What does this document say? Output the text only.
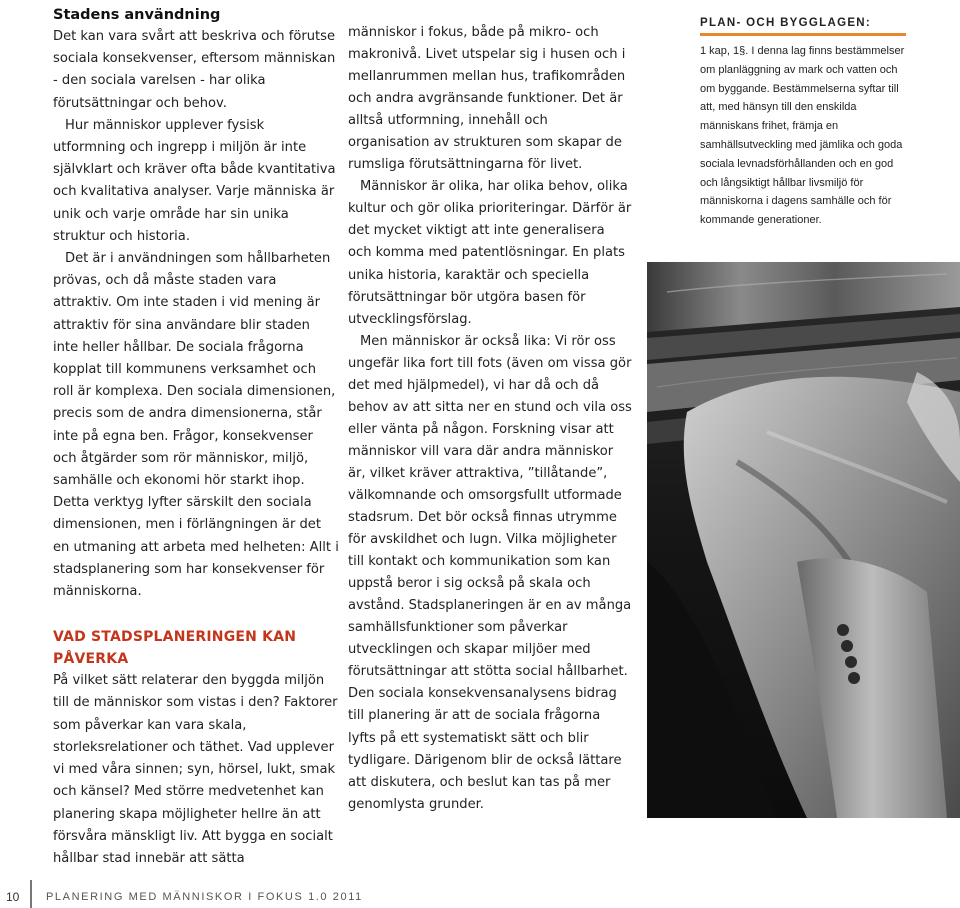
Stadens användning

Det kan vara svårt att beskriva och förutse sociala konsekvenser, eftersom människan - den sociala varelsen - har olika förutsättningar och behov.

Hur människor upplever fysisk utformning och ingrepp i miljön är inte självklart och kräver ofta både kvantitativa och kvalitativa analyser. Varje människa är unik och varje område har sin unika struktur och historia.

Det är i användningen som hållbarheten prövas, och då måste staden vara attraktiv. Om inte staden i vid mening är attraktiv för sina användare blir staden inte heller hållbar. De sociala frågorna kopplat till kommunens verksamhet och roll är komplexa. Den sociala dimensionen, precis som de andra dimensionerna, står inte på egna ben. Frågor, konsekvenser och åtgärder som rör människor, miljö, samhälle och ekonomi hör starkt ihop. Detta verktyg lyfter särskilt den sociala dimensionen, men i förlängningen är det en utmaning att arbeta med helheten: Allt i stadsplanering som har konsekvenser för människorna.

VAD STADSPLANERINGEN KAN PÅVERKA

På vilket sätt relaterar den byggda miljön till de människor som vistas i den? Faktorer som påverkar kan vara skala, storleksrelationer och täthet. Vad upplever vi med våra sinnen; syn, hörsel, lukt, smak och känsel? Med större medvetenhet kan planering skapa möjligheter hellre än att försvåra mänskligt liv. Att bygga en socialt hållbar stad innebär att sätta

människor i fokus, både på mikro- och makronivå. Livet utspelar sig i husen och i mellanrummen mellan hus, trafikområden och andra avgränsande funktioner. Det är alltså utformning, innehåll och organisation av strukturen som skapar de rumsliga förutsättningarna för livet.

Människor är olika, har olika behov, olika kultur och gör olika prioriteringar. Därför är det mycket viktigt att inte generalisera och komma med patentlösningar. En plats unika historia, karaktär och speciella förutsättningar bör utgöra basen för utvecklingsförslag.

Men människor är också lika: Vi rör oss ungefär lika fort till fots (även om vissa gör det med hjälpmedel), vi har då och då behov av att sitta ner en stund och vila oss eller vänta på någon. Forskning visar att människor vill vara där andra människor är, vilket kräver attraktiva, ”tillåtande”, välkomnande och omsorgsfullt utformade stadsrum. Det bör också finnas utrymme för avskildhet och lugn. Vilka möjligheter till kontakt och kommunikation som kan uppstå beror i sig också på skala och avstånd. Stadsplaneringen är en av många samhällsfunktioner som påverkar utvecklingen och skapar miljöer med förutsättningar att stötta social hållbarhet. Den sociala konsekvensanalysens bidrag till planering är att de sociala frågorna lyfts på ett systematiskt sätt och blir tydligare. Därigenom blir de också lättare att diskutera, och beslut kan tas på mer genomlysta grunder.

PLAN- OCH BYGGLAGEN:
1 kap, 1§. I denna lag finns bestämmelser om planläggning av mark och vatten och om byggande. Bestämmelserna syftar till att, med hänsyn till den enskilda människans frihet, främja en samhällsutveckling med jämlika och goda sociala levnadsförhållanden och en god och långsiktigt hållbar livsmiljö för människorna i dagens samhälle och för kommande generationer.
10 PLANERING MED MÄNNISKOR I FOKUS 1.0 2011
